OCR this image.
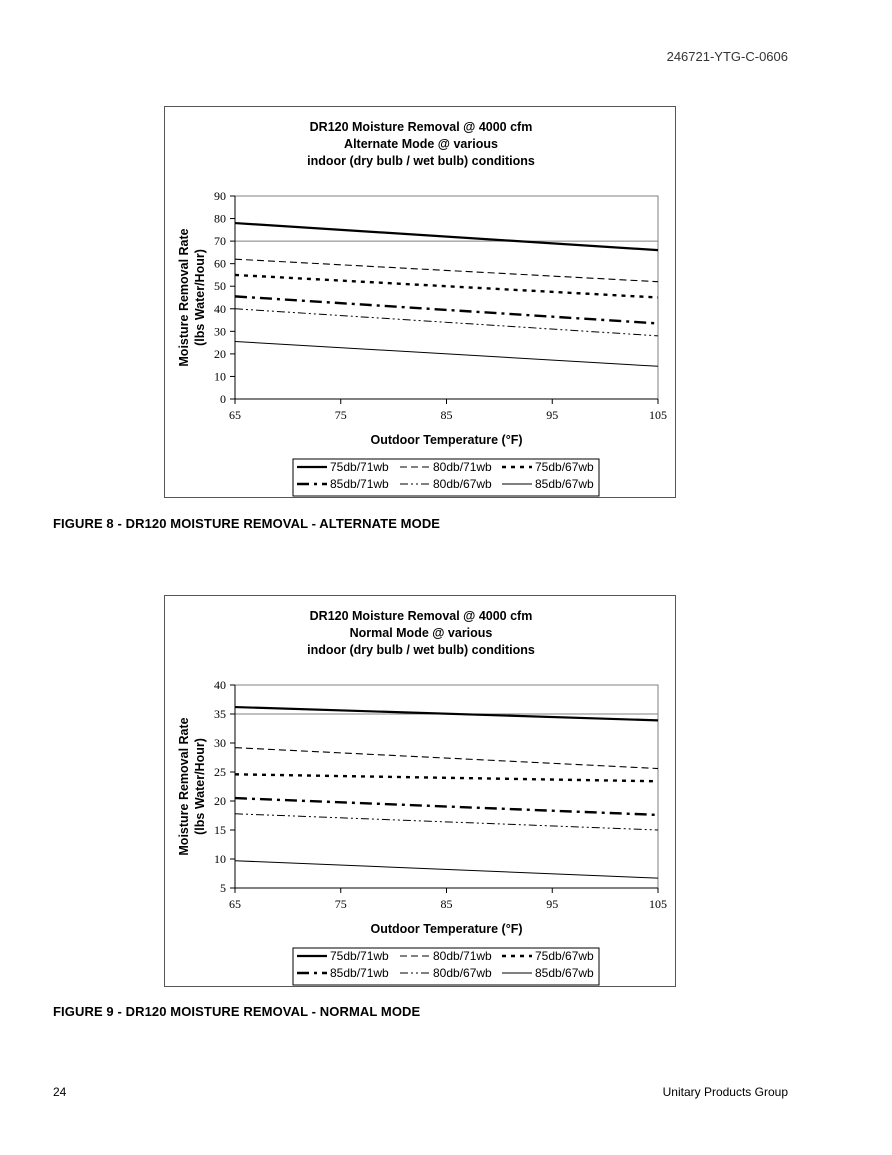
246721-YTG-C-0606
DR120 Moisture Removal @ 4000 cfm
Alternate Mode @ various
indoor (dry bulb / wet bulb) conditions
0
10
20
30
40
50
60
70
80
90
65	75	85	95	105
Outdoor Temperature (°F)
Moisture Removal Rate (lbs Water/Hour)
75db/71wb	80db/71wb	75db/67wb
85db/71wb	80db/67wb	85db/67wb
FIGURE 8 - DR120 MOISTURE REMOVAL - ALTERNATE MODE
DR120 Moisture Removal @ 4000 cfm
Normal Mode @ various
indoor (dry bulb / wet bulb) conditions
5
10
15
20
25
30
35
40
65	75	85	95	105
Outdoor Temperature (°F)
Moisture Removal Rate (lbs Water/Hour)
75db/71wb	80db/71wb	75db/67wb
85db/71wb	80db/67wb	85db/67wb
FIGURE 9 - DR120 MOISTURE REMOVAL - NORMAL MODE
24	Unitary Products Group
